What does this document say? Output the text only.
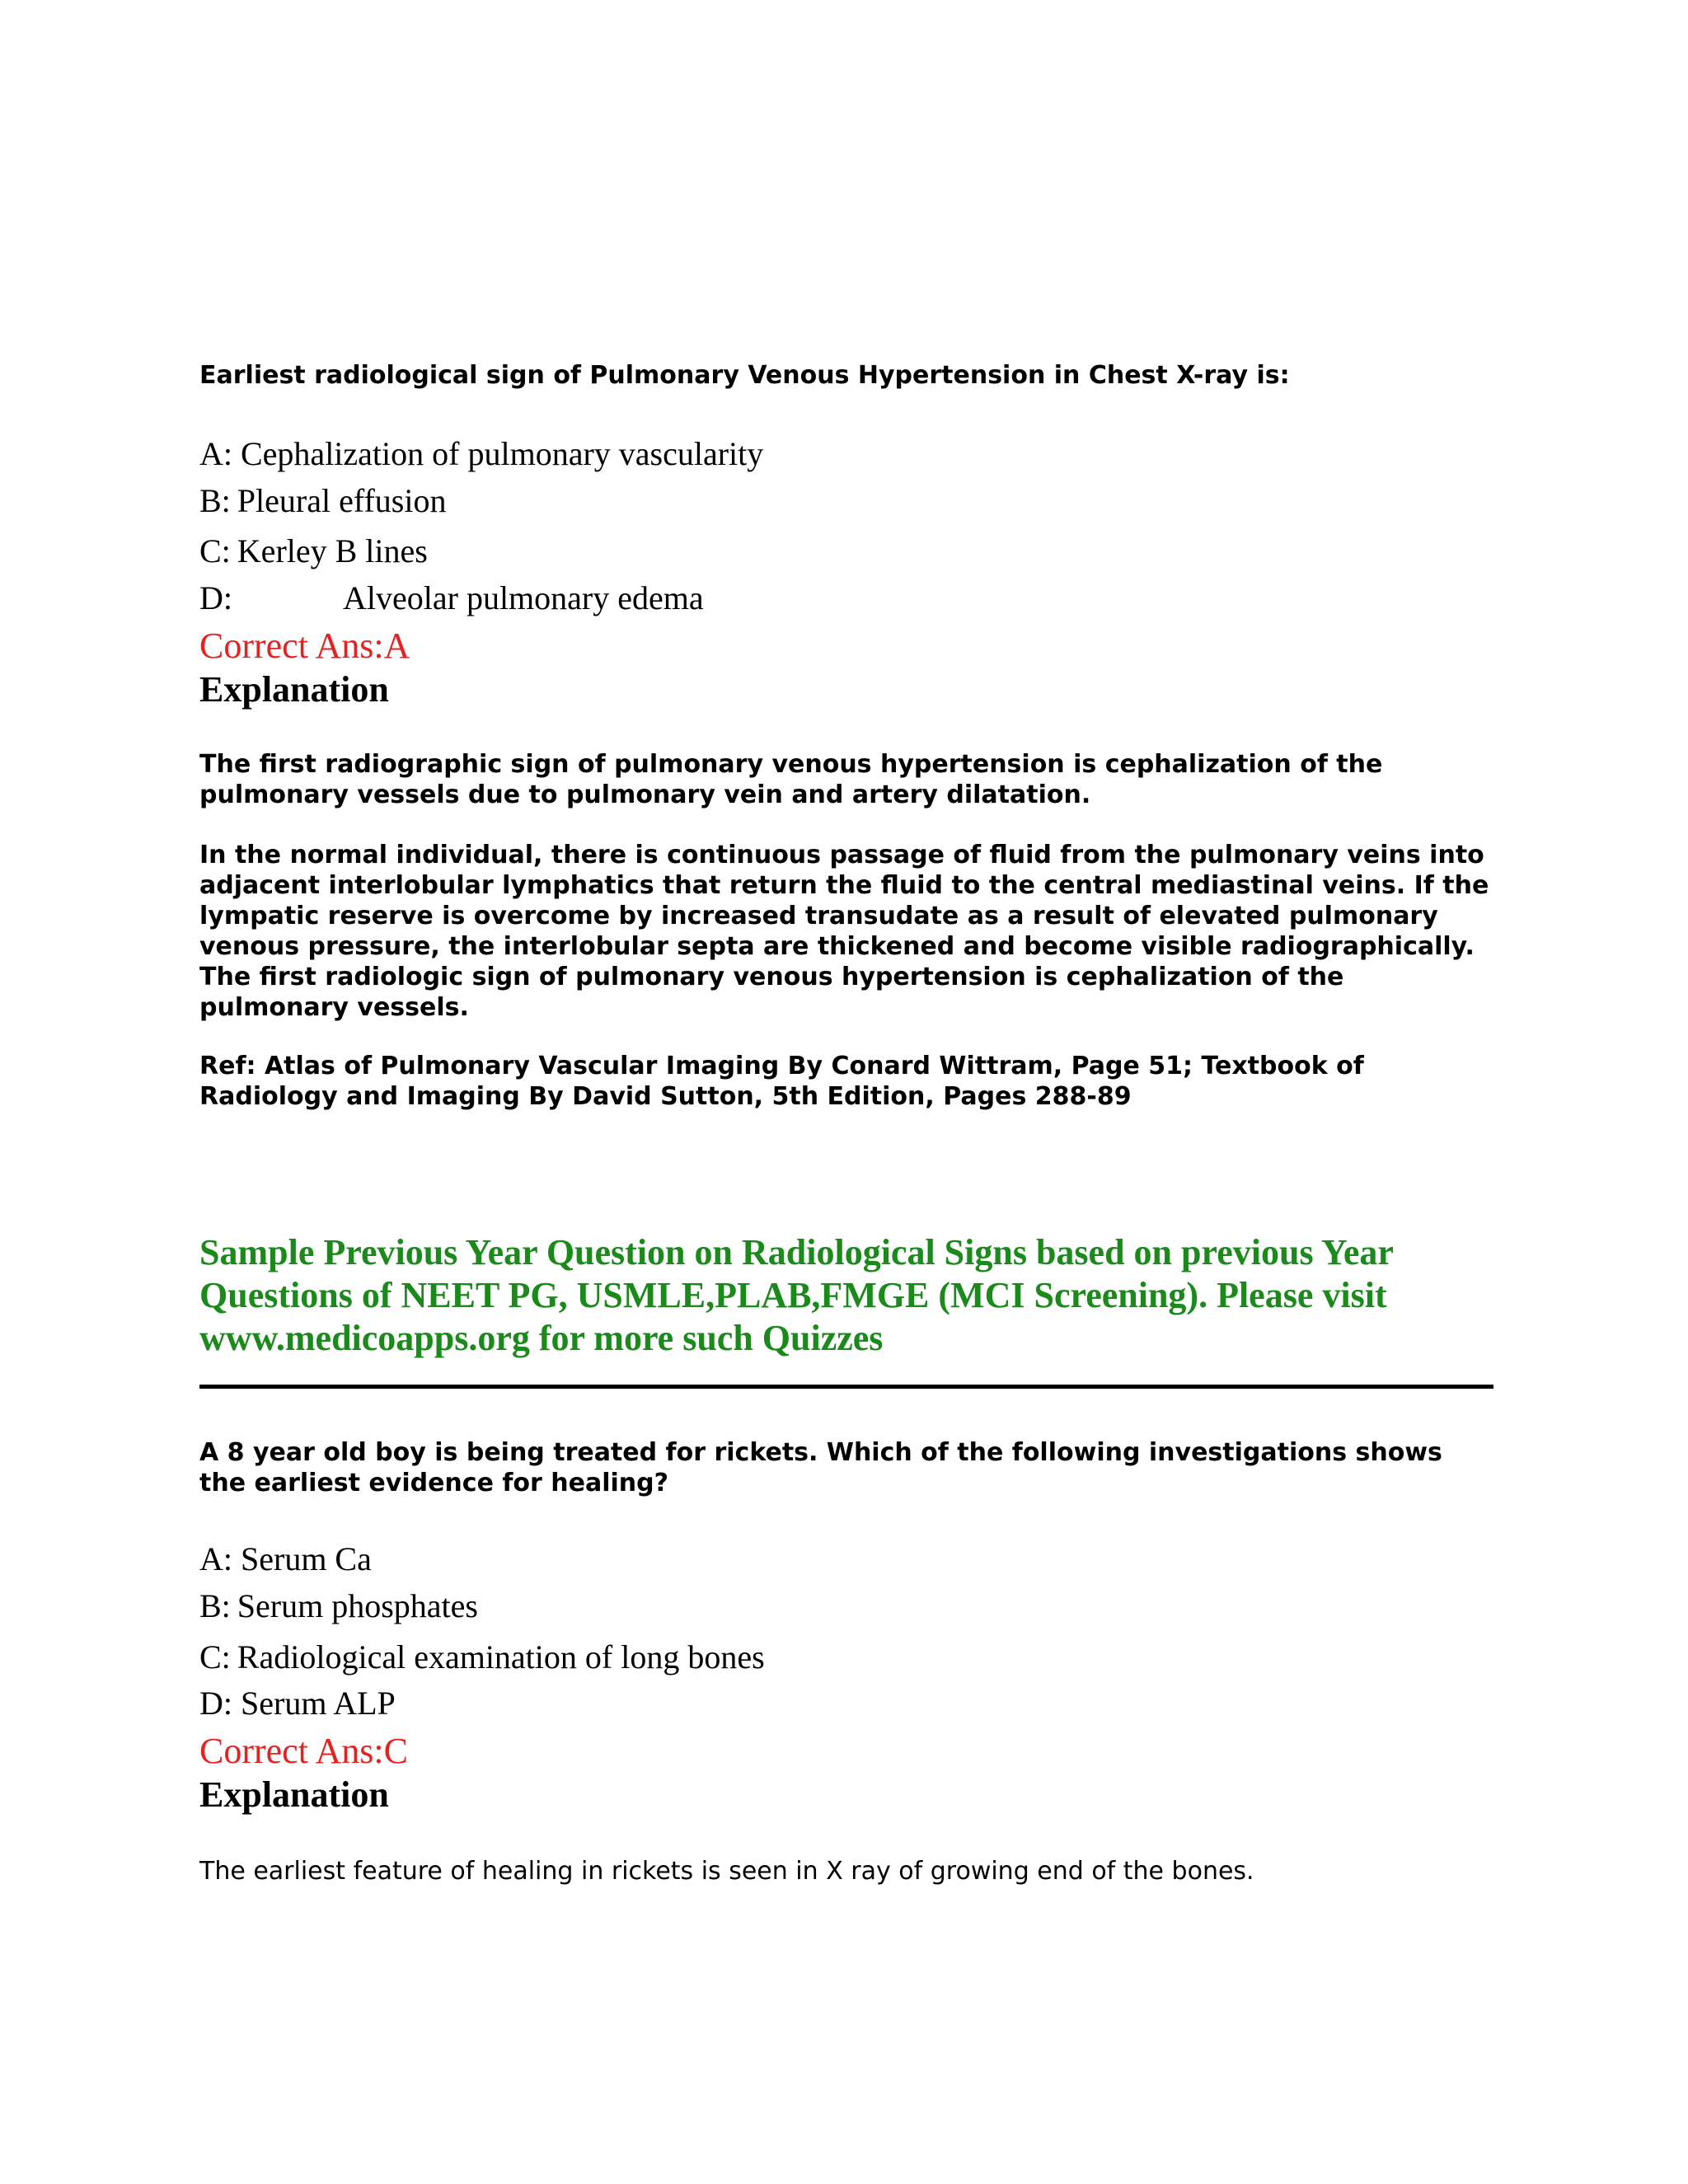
Earliest radiological sign of Pulmonary Venous Hypertension in Chest X-ray is:

A: Cephalization of pulmonary vascularity
B: Pleural effusion
C: Kerley B lines
D:	Alveolar pulmonary edema
Correct Ans:A
Explanation

The first radiographic sign of pulmonary venous hypertension is cephalization of the pulmonary vessels due to pulmonary vein and artery dilatation.

In the normal individual, there is continuous passage of fluid from the pulmonary veins into adjacent interlobular lymphatics that return the fluid to the central mediastinal veins. If the lympatic reserve is overcome by increased transudate as a result of elevated pulmonary venous pressure, the interlobular septa are thickened and become visible radiographically. The first radiologic sign of pulmonary venous hypertension is cephalization of the pulmonary vessels.

Ref: Atlas of Pulmonary Vascular Imaging By Conard Wittram, Page 51; Textbook of Radiology and Imaging By David Sutton, 5th Edition, Pages 288-89

Sample Previous Year Question on Radiological Signs based on previous Year Questions of NEET PG, USMLE,PLAB,FMGE (MCI Screening). Please visit www.medicoapps.org for more such Quizzes

A 8 year old boy is being treated for rickets. Which of the following investigations shows the earliest evidence for healing?

A: Serum Ca
B: Serum phosphates
C: Radiological examination of long bones
D: Serum ALP
Correct Ans:C
Explanation

The earliest feature of healing in rickets is seen in X ray of growing end of the bones.
